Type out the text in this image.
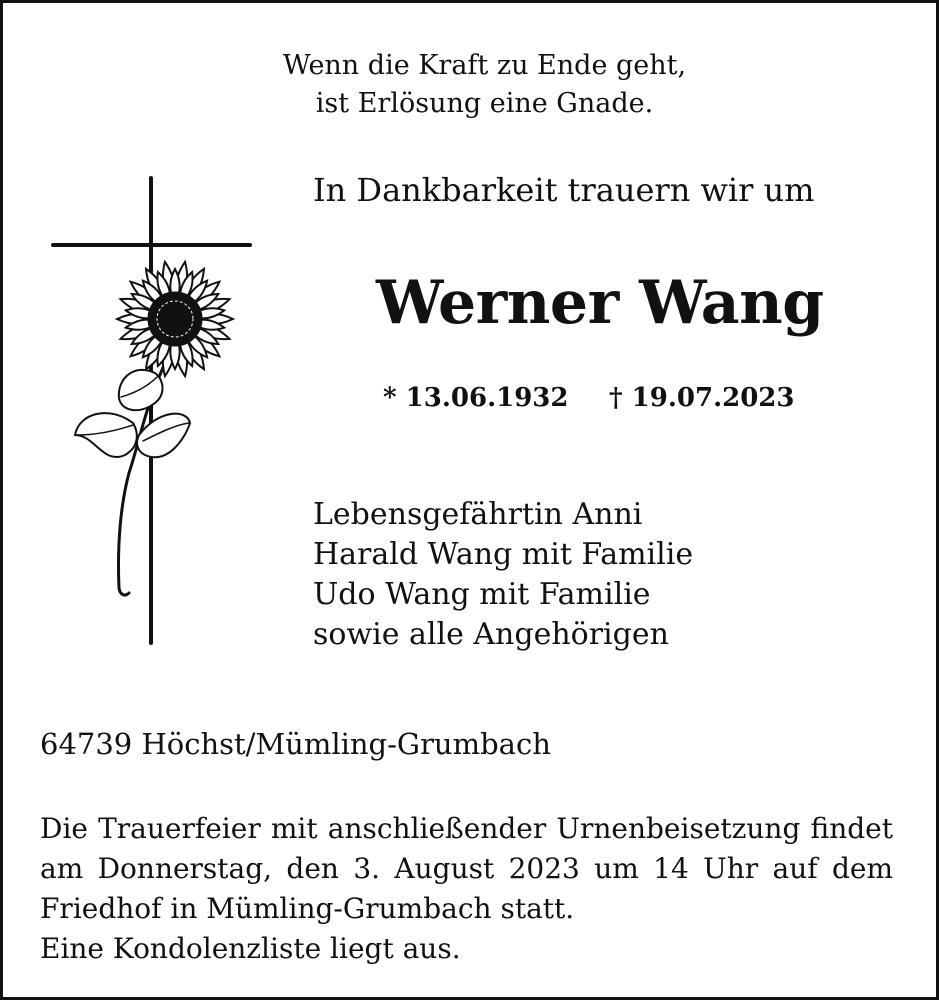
Wenn die Kraft zu Ende geht,
ist Erlösung eine Gnade.
In Dankbarkeit trauern wir um
Werner Wang
* 13.06.1932 † 19.07.2023
Lebensgefährtin Anni
Harald Wang mit Familie
Udo Wang mit Familie
sowie alle Angehörigen
64739 Höchst/Mümling-Grumbach
Die Trauerfeier mit anschließender Urnenbeisetzung findet
am Donnerstag, den 3. August 2023 um 14 Uhr auf dem
Friedhof in Mümling-Grumbach statt.
Eine Kondolenzliste liegt aus.
